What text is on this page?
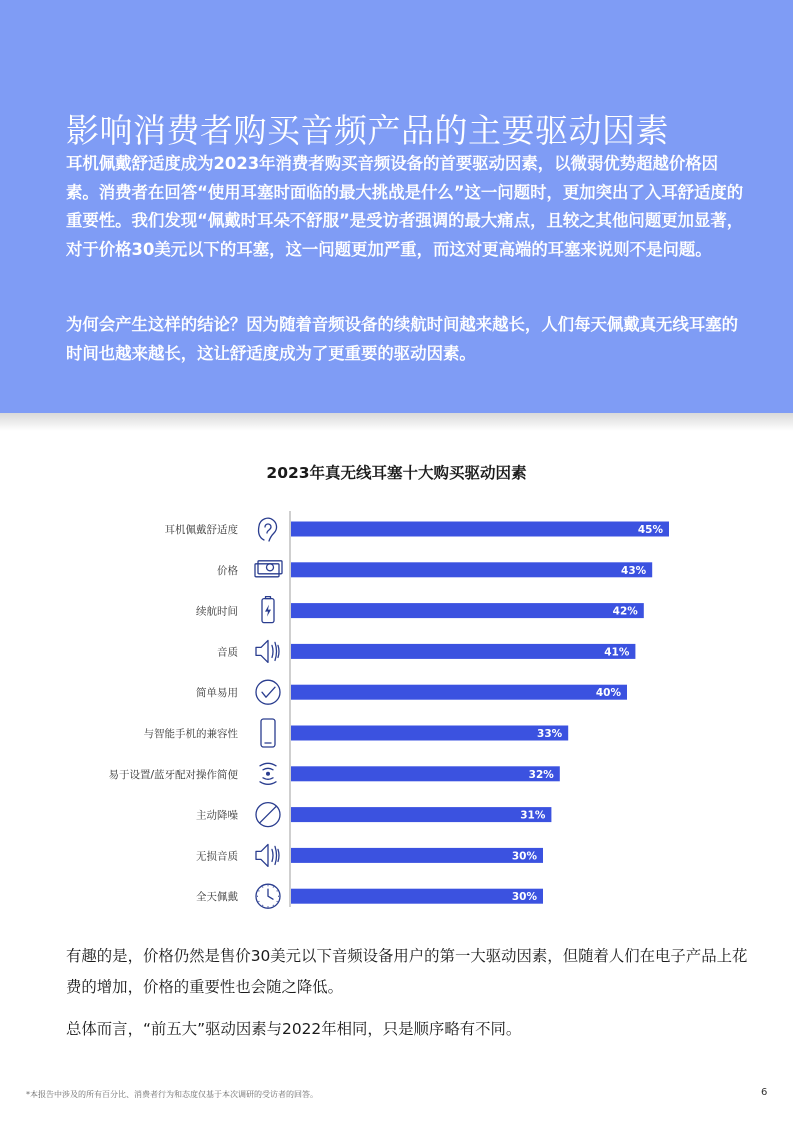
影响消费者购买音频产品的主要驱动因素

耳机佩戴舒适度成为2023年消费者购买音频设备的首要驱动因素，以微弱优势超越价格因素。消费者在回答“使用耳塞时面临的最大挑战是什么”这一问题时，更加突出了入耳舒适度的重要性。我们发现“佩戴时耳朵不舒服”是受访者强调的最大痛点，且较之其他问题更加显著，对于价格30美元以下的耳塞，这一问题更加严重，而这对更高端的耳塞来说则不是问题。

为何会产生这样的结论？因为随着音频设备的续航时间越来越长，人们每天佩戴真无线耳塞的时间也越来越长，这让舒适度成为了更重要的驱动因素。

2023年真无线耳塞十大购买驱动因素
耳机佩戴舒适度	45%
价格	43%
续航时间	42%
音质	41%
简单易用	40%
与智能手机的兼容性	33%
易于设置/蓝牙配对操作简便	32%
主动降噪	31%
无损音质	30%
全天佩戴	30%

有趣的是，价格仍然是售价30美元以下音频设备用户的第一大驱动因素，但随着人们在电子产品上花费的增加，价格的重要性也会随之降低。

总体而言，“前五大”驱动因素与2022年相同，只是顺序略有不同。

*本报告中涉及的所有百分比、消费者行为和态度仅基于本次调研的受访者的回答。	6
